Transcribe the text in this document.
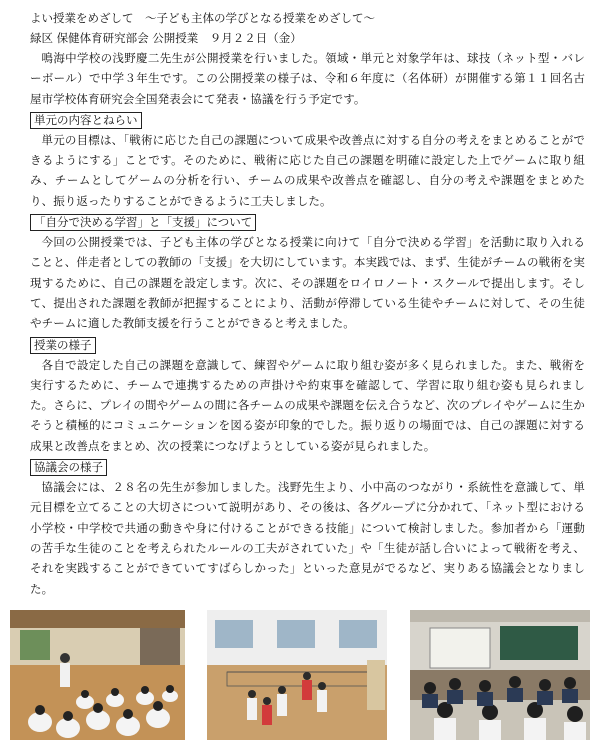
よい授業をめざして　～子ども主体の学びとなる授業をめざして～
緑区 保健体育研究部会 公開授業　９月２２日（金）

鳴海中学校の浅野慶二先生が公開授業を行いました。領域・単元と対象学年は、球技（ネット型・バレーボール）で中学３年生です。この公開授業の様子は、令和６年度に（名体研）が開催する第１１回名古屋市学校体育研究会全国発表会にて発表・協議を行う予定です。

単元の内容とねらい

単元の目標は、「戦術に応じた自己の課題について成果や改善点に対する自分の考えをまとめることができるようにする」ことです。そのために、戦術に応じた自己の課題を明確に設定した上でゲームに取り組み、チームとしてゲームの分析を行い、チームの成果や改善点を確認し、自分の考えや課題をまとめたり、振り返ったりすることができるように工夫しました。

「自分で決める学習」と「支援」について

今回の公開授業では、子ども主体の学びとなる授業に向けて「自分で決める学習」を活動に取り入れることと、伴走者としての教師の「支援」を大切にしています。本実践では、まず、生徒がチームの戦術を実現するために、自己の課題を設定します。次に、その課題をロイロノート・スクールで提出します。そして、提出された課題を教師が把握することにより、活動が停滞している生徒やチームに対して、その生徒やチームに適した教師支援を行うことができると考えました。

授業の様子

各自で設定した自己の課題を意識して、練習やゲームに取り組む姿が多く見られました。また、戦術を実行するために、チームで連携するための声掛けや約束事を確認して、学習に取り組む姿も見られました。さらに、プレイの間やゲームの間に各チームの成果や課題を伝え合うなど、次のプレイやゲームに生かそうと積極的にコミュニケーションを図る姿が印象的でした。振り返りの場面では、自己の課題に対する成果と改善点をまとめ、次の授業につなげようとしている姿が見られました。

協議会の様子

協議会には、２８名の先生が参加しました。浅野先生より、小中高のつながり・系統性を意識して、単元目標を立てることの大切さについて説明があり、その後は、各グループに分かれて、「ネット型における小学校・中学校で共通の動きや身に付けることができる技能」について検討しました。参加者から「運動の苦手な生徒のことを考えられたルールの工夫がされていた」や「生徒が話し合いによって戦術を考え、それを実践することができていてすばらしかった」といった意見がでるなど、実りある協議会となりました。
